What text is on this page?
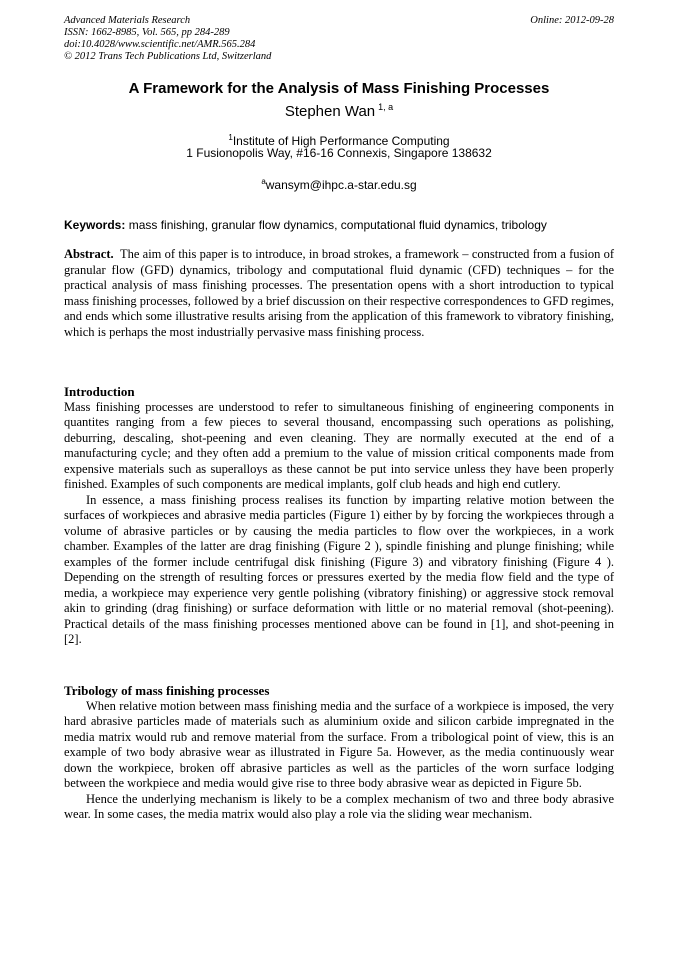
Advanced Materials Research
ISSN: 1662-8985, Vol. 565, pp 284-289
doi:10.4028/www.scientific.net/AMR.565.284
© 2012 Trans Tech Publications Ltd, Switzerland
Online: 2012-09-28
A Framework for the Analysis of Mass Finishing Processes
Stephen Wan $^{1, a}$
$^1$Institute of High Performance Computing
1 Fusionopolis Way, #16-16 Connexis, Singapore 138632
$^a$wansym@ihpc.a-star.edu.sg
Keywords: mass finishing, granular flow dynamics, computational fluid dynamics, tribology

Abstract. The aim of this paper is to introduce, in broad strokes, a framework – constructed from a fusion of granular flow (GFD) dynamics, tribology and computational fluid dynamic (CFD) techniques – for the practical analysis of mass finishing processes. The presentation opens with a short introduction to typical mass finishing processes, followed by a brief discussion on their respective correspondences to GFD regimes, and ends which some illustrative results arising from the application of this framework to vibratory finishing, which is perhaps the most industrially pervasive mass finishing process.

Introduction

Mass finishing processes are understood to refer to simultaneous finishing of engineering components in quantites ranging from a few pieces to several thousand, encompassing such operations as polishing, deburring, descaling, shot-peening and even cleaning. They are normally executed at the end of a manufacturing cycle; and they often add a premium to the value of mission critical components made from expensive materials such as superalloys as these cannot be put into service unless they have been properly finished. Examples of such components are medical implants, golf club heads and high end cutlery.

In essence, a mass finishing process realises its function by imparting relative motion between the surfaces of workpieces and abrasive media particles (Figure 1) either by by forcing the workpieces through a volume of abrasive particles or by causing the media particles to flow over the workpieces, in a work chamber. Examples of the latter are drag finishing (Figure 2 ), spindle finishing and plunge finishing; while examples of the former include centrifugal disk finishing (Figure 3) and vibratory finishing (Figure 4 ). Depending on the strength of resulting forces or pressures exerted by the media flow field and the type of media, a workpiece may experience very gentle polishing (vibratory finishing) or aggressive stock removal akin to grinding (drag finishing) or surface deformation with little or no material removal (shot-peening). Practical details of the mass finishing processes mentioned above can be found in [1], and shot-peening in [2].

Tribology of mass finishing processes

When relative motion between mass finishing media and the surface of a workpiece is imposed, the very hard abrasive particles made of materials such as aluminium oxide and silicon carbide impregnated in the media matrix would rub and remove material from the surface. From a tribological point of view, this is an example of two body abrasive wear as illustrated in Figure 5a. However, as the media continuously wear down the workpiece, broken off abrasive particles as well as the particles of the worn surface lodging between the workpiece and media would give rise to three body abrasive wear as depicted in Figure 5b.

Hence the underlying mechanism is likely to be a complex mechanism of two and three body abrasive wear. In some cases, the media matrix would also play a role via the sliding wear mechanism.
